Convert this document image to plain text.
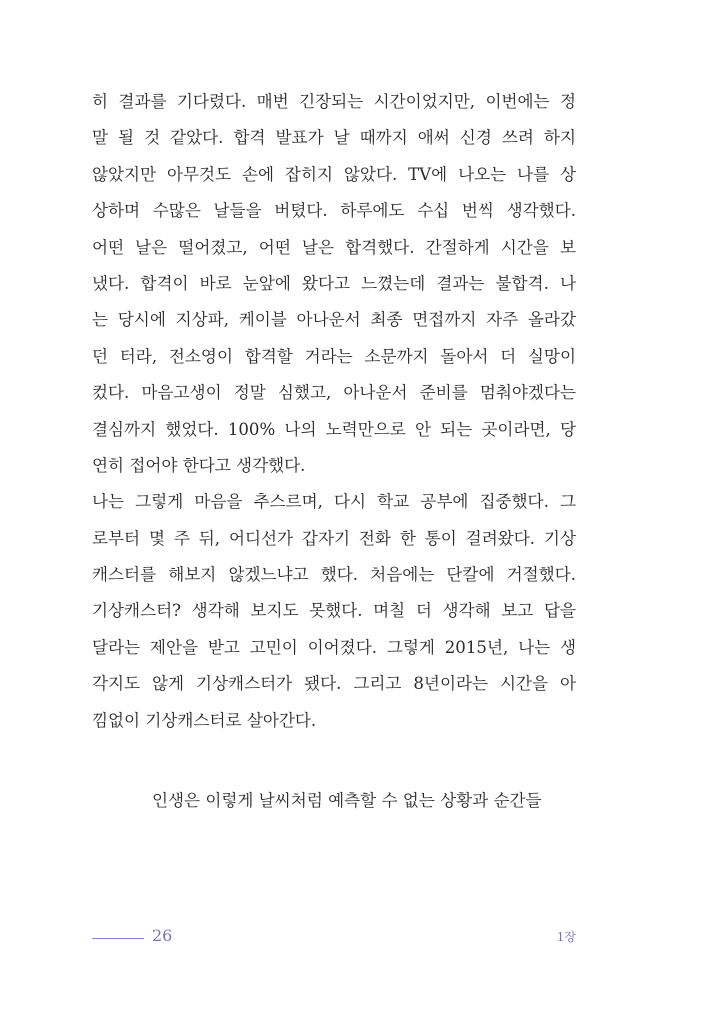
히 결과를 기다렸다. 매번 긴장되는 시간이었지만, 이번에는 정
말 될 것 같았다. 합격 발표가 날 때까지 애써 신경 쓰려 하지
않았지만 아무것도 손에 잡히지 않았다. TV에 나오는 나를 상
상하며 수많은 날들을 버텼다. 하루에도 수십 번씩 생각했다.
어떤 날은 떨어졌고, 어떤 날은 합격했다. 간절하게 시간을 보
냈다. 합격이 바로 눈앞에 왔다고 느꼈는데 결과는 불합격. 나
는 당시에 지상파, 케이블 아나운서 최종 면접까지 자주 올라갔
던 터라, 전소영이 합격할 거라는 소문까지 돌아서 더 실망이
컸다. 마음고생이 정말 심했고, 아나운서 준비를 멈춰야겠다는
결심까지 했었다. 100% 나의 노력만으로 안 되는 곳이라면, 당
연히 접어야 한다고 생각했다.
나는 그렇게 마음을 추스르며, 다시 학교 공부에 집중했다. 그
로부터 몇 주 뒤, 어디선가 갑자기 전화 한 통이 걸려왔다. 기상
캐스터를 해보지 않겠느냐고 했다. 처음에는 단칼에 거절했다.
기상캐스터? 생각해 보지도 못했다. 며칠 더 생각해 보고 답을
달라는 제안을 받고 고민이 이어졌다. 그렇게 2015년, 나는 생
각지도 않게 기상캐스터가 됐다. 그리고 8년이라는 시간을 아
낌없이 기상캐스터로 살아간다.
인생은 이렇게 날씨처럼 예측할 수 없는 상황과 순간들
26	1장
